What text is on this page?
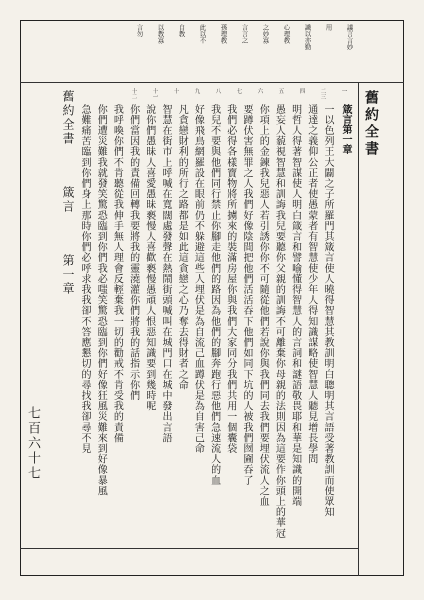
舊約全書
議言言妙
用
識以亦勤
心理教
之妙寡
言言之
孫理教
此以不
自教
以教寡
言勿
一
二三
四
五
六
七
八
九
十
十一
十二
箴言第一章
一以色列王大闢之子所羅門其箴言使人曉得智慧其教訓明白聰明其言語受著教訓而使眾知
通達之義仰公正者使愚蒙者有智慧使少年人得知識謀略使智慧人聽見增長學問
明哲人得著智謀使人明白箴言和譬喻懂得智慧人的言詞和謎語敬畏耶和華是知識的開端
愚妄人藐視智慧和訓誨我兒要聽你父親的訓誨不可離棄你母親的法則因為這要作你頭上的華冠
你項上的金鍊我兒惡人若引誘你你不可隨從他們若說你與我們同去我們要埋伏流人之血
要蹲伏害無罪之人我們好像陰間把他們活活吞下他們如同下坑的人被我們囫圇吞了
我們必得各樣寶物將所擄來的裝滿房屋你與我們大家同分我們共用一個囊袋
我兒不要與他們同行禁止你腳走他們的路因為他們的腳奔跑行惡他們急速流人的血
好像飛鳥網羅設在眼前仍不躲避這些人埋伏是為自流己血蹲伏是為自害己命
凡貪戀財利的所行之路都是如此這貪戀之心乃奪去得財者之命
智慧在街市上呼喊在寬闊處發聲在熱鬧街頭喊叫在城門口在城中發出言語
說你們愚昧人喜愛愚昧褻慢人喜歡褻慢愚頑人恨惡知識要到幾時呢
你們當因我的責備回轉我要將我的靈澆灌你們將我的話指示你們
我呼喚你們不肯聽從我伸手無人理會反輕棄我一切的勸戒不肯受我的責備
你們遭災難我就發笑驚恐臨到你們我必嗤笑驚恐臨到你們好像狂風災難來到好像暴風
急難痛苦臨到你們身上那時你們必呼求我我卻不答應懇切的尋找我卻尋不見
舊約全書箴言第一章
七百六十七
